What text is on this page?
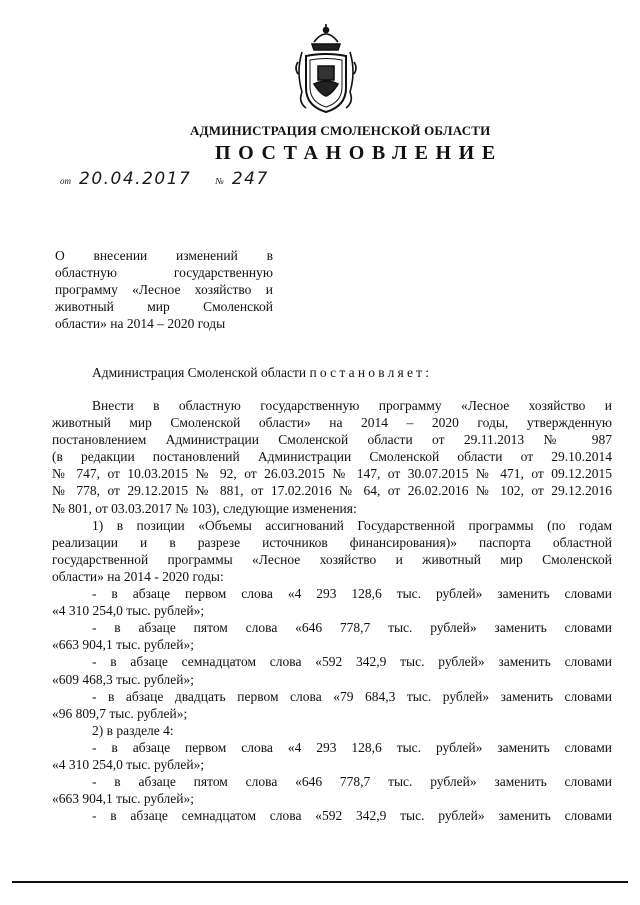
АДМИНИСТРАЦИЯ СМОЛЕНСКОЙ ОБЛАСТИ
ПОСТАНОВЛЕНИЕ
от 20.04.2017	№ 247
О внесении изменений в
областную государственную
программу «Лесное хозяйство и
животный мир Смоленской
области» на 2014 – 2020 годы
Администрация Смоленской области постановляет:
Внести в областную государственную программу «Лесное хозяйство и
животный мир Смоленской области» на 2014 – 2020 годы, утвержденную
постановлением Администрации Смоленской области от 29.11.2013 № 987
(в редакции постановлений Администрации Смоленской области от 29.10.2014
№ 747, от 10.03.2015 № 92, от 26.03.2015 № 147, от 30.07.2015 № 471, от 09.12.2015
№ 778, от 29.12.2015 № 881, от 17.02.2016 № 64, от 26.02.2016 № 102, от 29.12.2016
№ 801, от 03.03.2017 № 103), следующие изменения:
1) в позиции «Объемы ассигнований Государственной программы (по годам
реализации и в разрезе источников финансирования)» паспорта областной
государственной программы «Лесное хозяйство и животный мир Смоленской
области» на 2014 - 2020 годы:
- в абзаце первом слова «4 293 128,6 тыс. рублей» заменить словами
«4 310 254,0 тыс. рублей»;
- в абзаце пятом слова «646 778,7 тыс. рублей» заменить словами
«663 904,1 тыс. рублей»;
- в абзаце семнадцатом слова «592 342,9 тыс. рублей» заменить словами
«609 468,3 тыс. рублей»;
- в абзаце двадцать первом слова «79 684,3 тыс. рублей» заменить словами
«96 809,7 тыс. рублей»;
2) в разделе 4:
- в абзаце первом слова «4 293 128,6 тыс. рублей» заменить словами
«4 310 254,0 тыс. рублей»;
- в абзаце пятом слова «646 778,7 тыс. рублей» заменить словами
«663 904,1 тыс. рублей»;
- в абзаце семнадцатом слова «592 342,9 тыс. рублей» заменить словами
